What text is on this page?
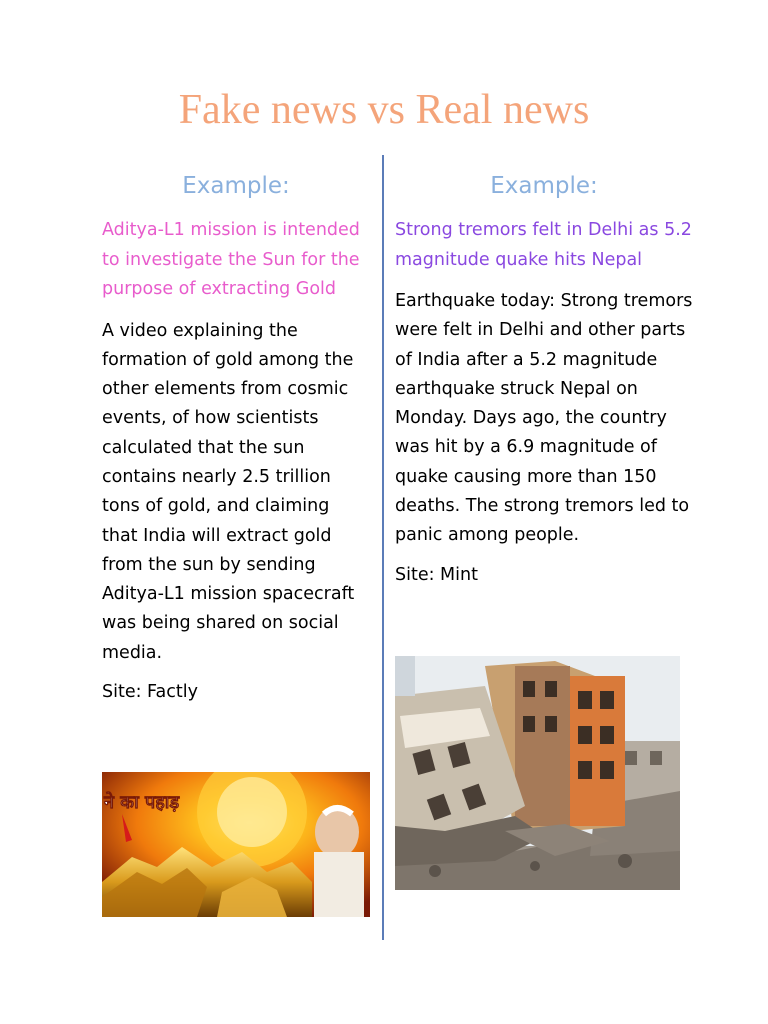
Fake news vs Real news
Example:

Aditya-L1 mission is intended to investigate the Sun for the purpose of extracting Gold

A video explaining the formation of gold among the other elements from cosmic events, of how scientists calculated that the sun contains nearly 2.5 trillion tons of gold, and claiming that India will extract gold from the sun by sending Aditya-L1 mission spacecraft was being shared on social media.

Site: Factly

Example:

Strong tremors felt in Delhi as 5.2 magnitude quake hits Nepal

Earthquake today: Strong tremors were felt in Delhi and other parts of India after a 5.2 magnitude earthquake struck Nepal on Monday. Days ago, the country was hit by a 6.9 magnitude of quake causing more than 150 deaths. The strong tremors led to panic among people.

Site: Mint

ने का पहाड़
